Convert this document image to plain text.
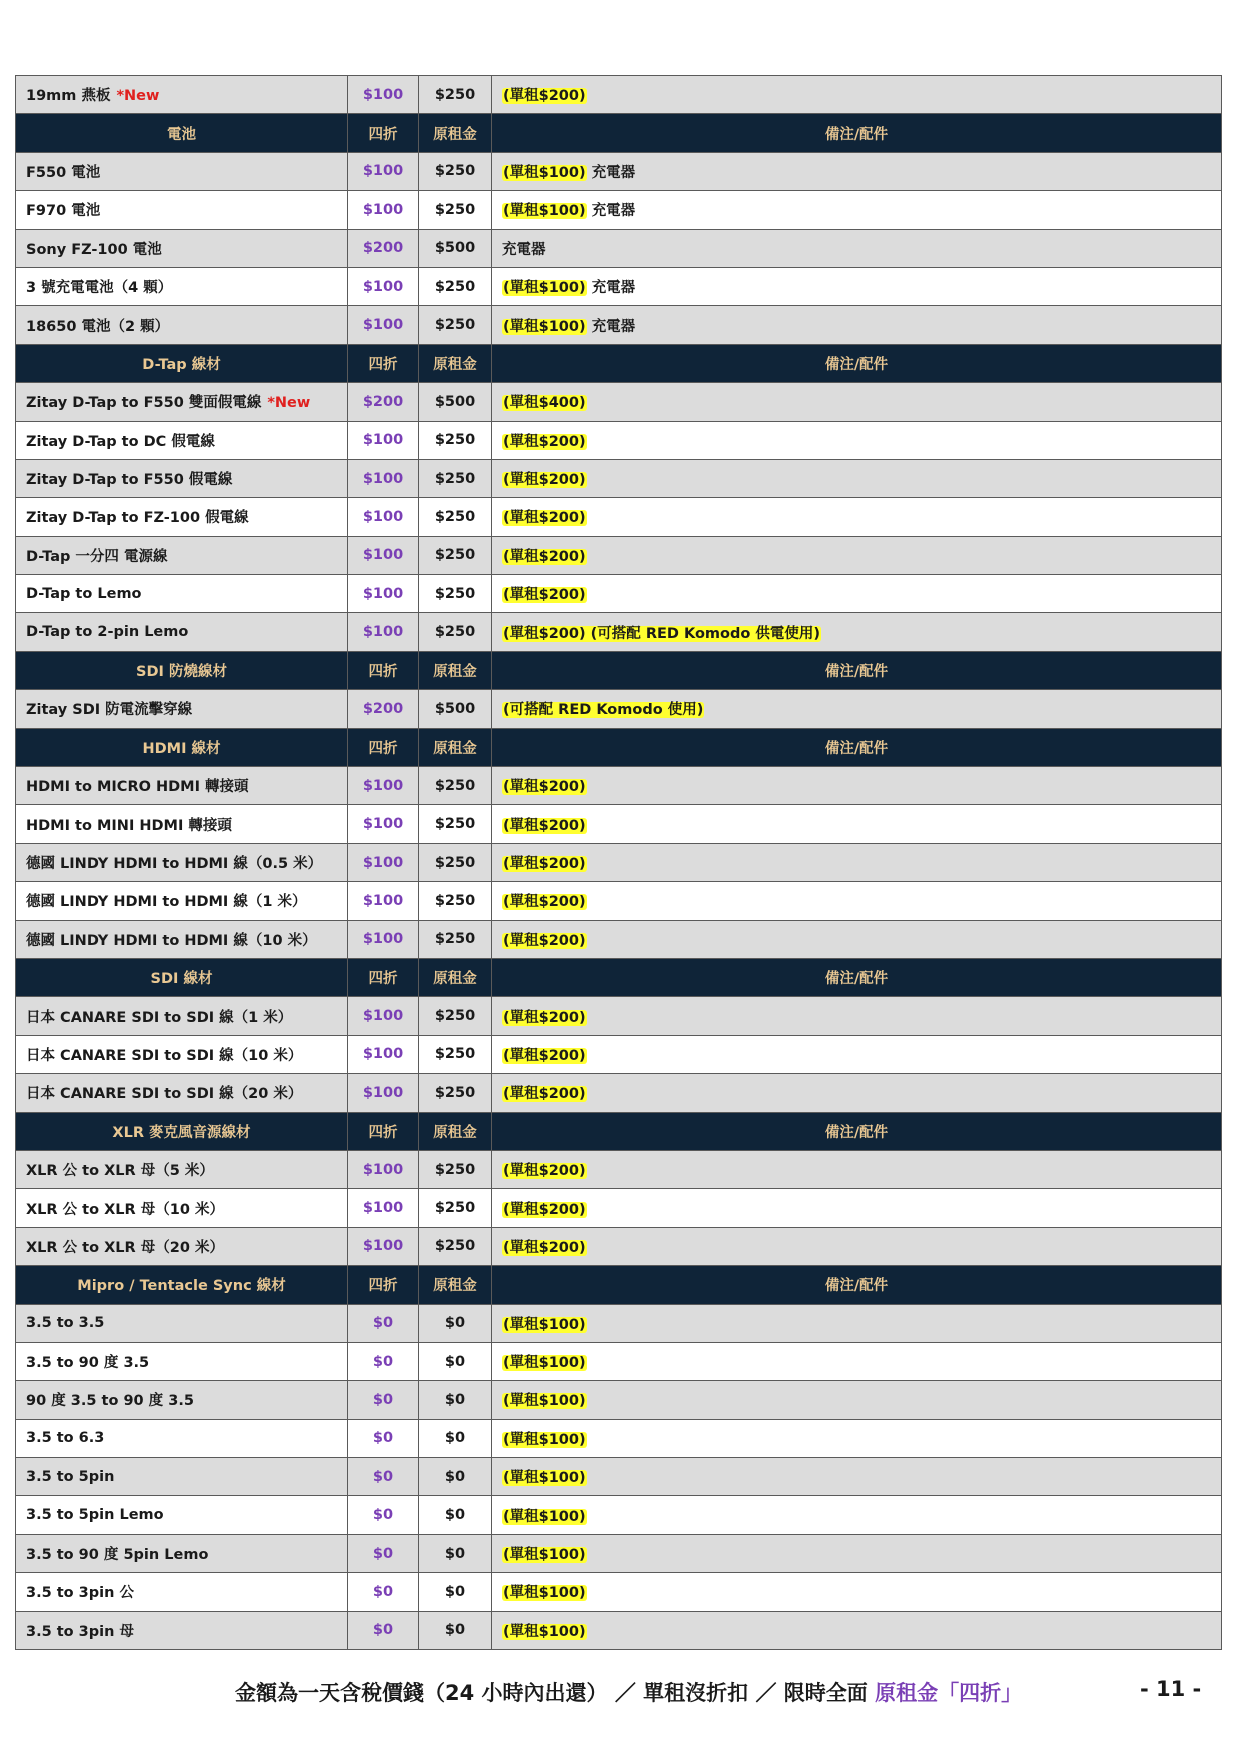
19mm 燕板 *New	$100	$250	(單租$200)
電池	四折	原租金	備注/配件
F550 電池	$100	$250	(單租$100) 充電器
F970 電池	$100	$250	(單租$100) 充電器
Sony FZ-100 電池	$200	$500	充電器
3 號充電電池（4 顆）	$100	$250	(單租$100) 充電器
18650 電池（2 顆）	$100	$250	(單租$100) 充電器
D-Tap 線材	四折	原租金	備注/配件
Zitay D-Tap to F550 雙面假電線 *New	$200	$500	(單租$400)
Zitay D-Tap to DC 假電線	$100	$250	(單租$200)
Zitay D-Tap to F550 假電線	$100	$250	(單租$200)
Zitay D-Tap to FZ-100 假電線	$100	$250	(單租$200)
D-Tap 一分四 電源線	$100	$250	(單租$200)
D-Tap to Lemo	$100	$250	(單租$200)
D-Tap to 2-pin Lemo	$100	$250	(單租$200) (可搭配 RED Komodo 供電使用)
SDI 防燒線材	四折	原租金	備注/配件
Zitay SDI 防電流擊穿線	$200	$500	(可搭配 RED Komodo 使用)
HDMI 線材	四折	原租金	備注/配件
HDMI to MICRO HDMI 轉接頭	$100	$250	(單租$200)
HDMI to MINI HDMI 轉接頭	$100	$250	(單租$200)
德國 LINDY HDMI to HDMI 線（0.5 米）	$100	$250	(單租$200)
德國 LINDY HDMI to HDMI 線（1 米）	$100	$250	(單租$200)
德國 LINDY HDMI to HDMI 線（10 米）	$100	$250	(單租$200)
SDI 線材	四折	原租金	備注/配件
日本 CANARE SDI to SDI 線（1 米）	$100	$250	(單租$200)
日本 CANARE SDI to SDI 線（10 米）	$100	$250	(單租$200)
日本 CANARE SDI to SDI 線（20 米）	$100	$250	(單租$200)
XLR 麥克風音源線材	四折	原租金	備注/配件
XLR 公 to XLR 母（5 米）	$100	$250	(單租$200)
XLR 公 to XLR 母（10 米）	$100	$250	(單租$200)
XLR 公 to XLR 母（20 米）	$100	$250	(單租$200)
Mipro / Tentacle Sync 線材	四折	原租金	備注/配件
3.5 to 3.5	$0	$0	(單租$100)
3.5 to 90 度 3.5	$0	$0	(單租$100)
90 度 3.5 to 90 度 3.5	$0	$0	(單租$100)
3.5 to 6.3	$0	$0	(單租$100)
3.5 to 5pin	$0	$0	(單租$100)
3.5 to 5pin Lemo	$0	$0	(單租$100)
3.5 to 90 度 5pin Lemo	$0	$0	(單租$100)
3.5 to 3pin 公	$0	$0	(單租$100)
3.5 to 3pin 母	$0	$0	(單租$100)
金額為一天含稅價錢（24 小時內出還） ／ 單租沒折扣 ／ 限時全面 原租金「四折」	- 11 -
